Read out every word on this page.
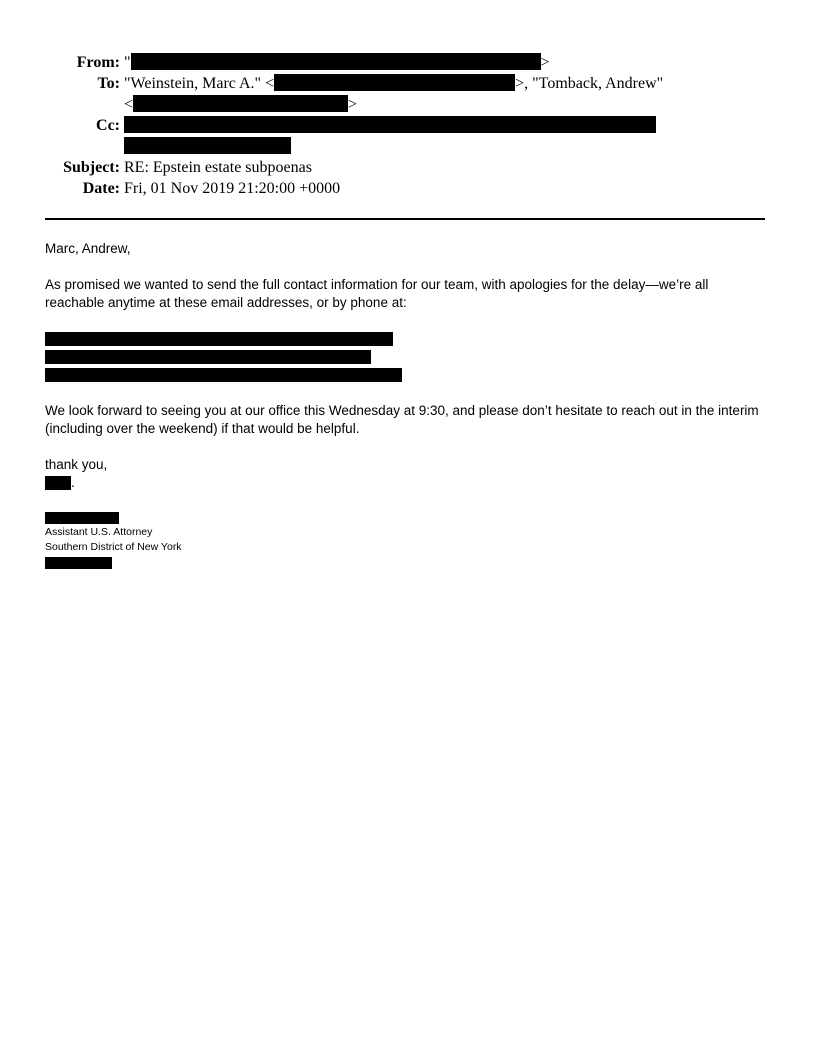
From: "	>
To: "Weinstein, Marc A." <	>, "Tomback, Andrew"
<	>
Cc:
Subject: RE: Epstein estate subpoenas
Date: Fri, 01 Nov 2019 21:20:00 +0000
Marc, Andrew,
As promised we wanted to send the full contact information for our team, with apologies for the delay—we’re all
reachable anytime at these email addresses, or by phone at:
We look forward to seeing you at our office this Wednesday at 9:30, and please don’t hesitate to reach out in the interim
(including over the weekend) if that would be helpful.
thank you,
.
Assistant U.S. Attorney
Southern District of New York
